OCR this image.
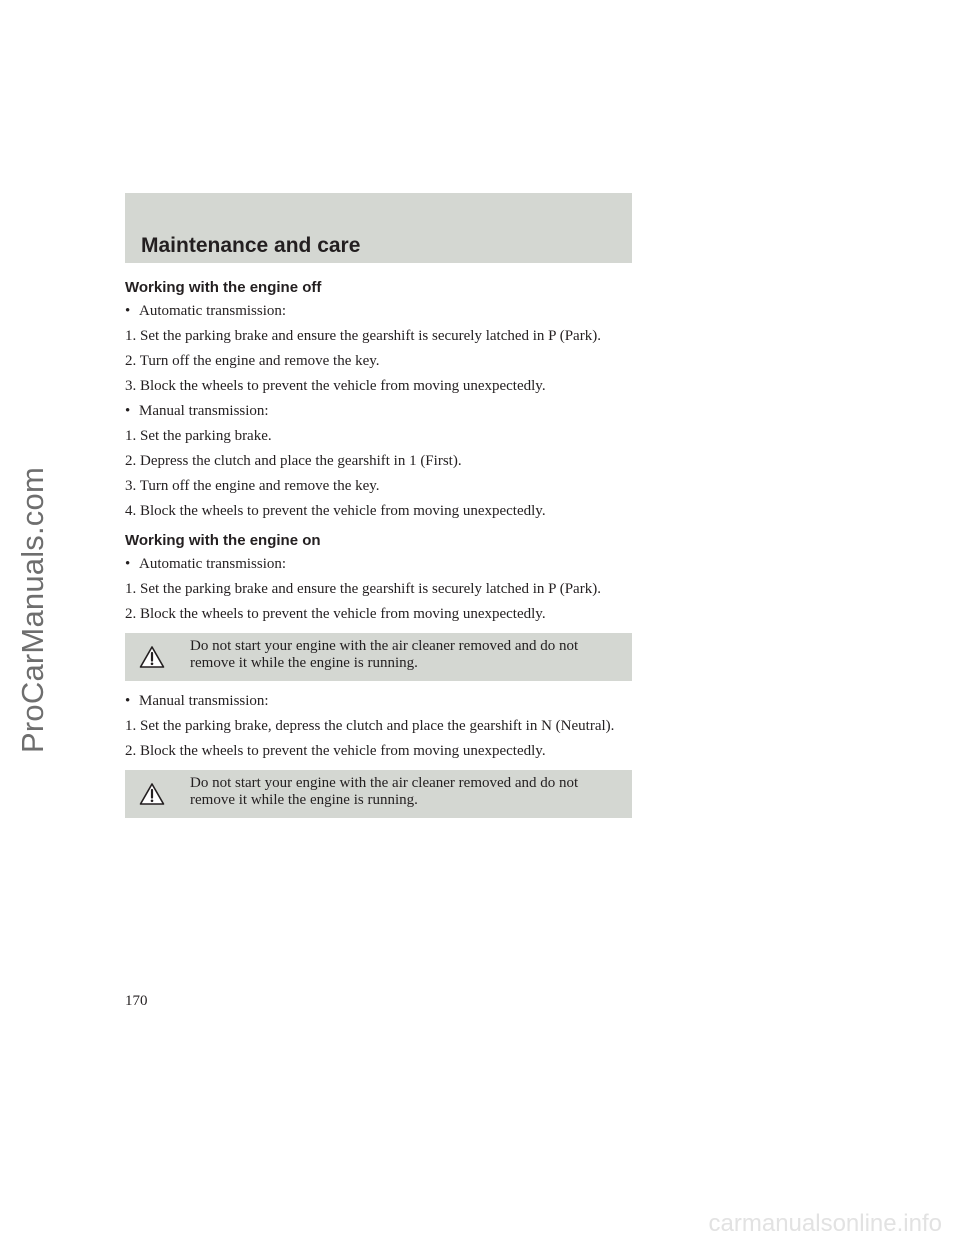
ProCarManuals.com
Maintenance and care
Working with the engine off

• Automatic transmission:

1. Set the parking brake and ensure the gearshift is securely latched in P (Park).

2. Turn off the engine and remove the key.

3. Block the wheels to prevent the vehicle from moving unexpectedly.

• Manual transmission:

1. Set the parking brake.

2. Depress the clutch and place the gearshift in 1 (First).

3. Turn off the engine and remove the key.

4. Block the wheels to prevent the vehicle from moving unexpectedly.

Working with the engine on

• Automatic transmission:

1. Set the parking brake and ensure the gearshift is securely latched in P (Park).

2. Block the wheels to prevent the vehicle from moving unexpectedly.

Do not start your engine with the air cleaner removed and do not remove it while the engine is running.

• Manual transmission:

1. Set the parking brake, depress the clutch and place the gearshift in N (Neutral).

2. Block the wheels to prevent the vehicle from moving unexpectedly.

Do not start your engine with the air cleaner removed and do not remove it while the engine is running.
170
carmanualsonline.info
